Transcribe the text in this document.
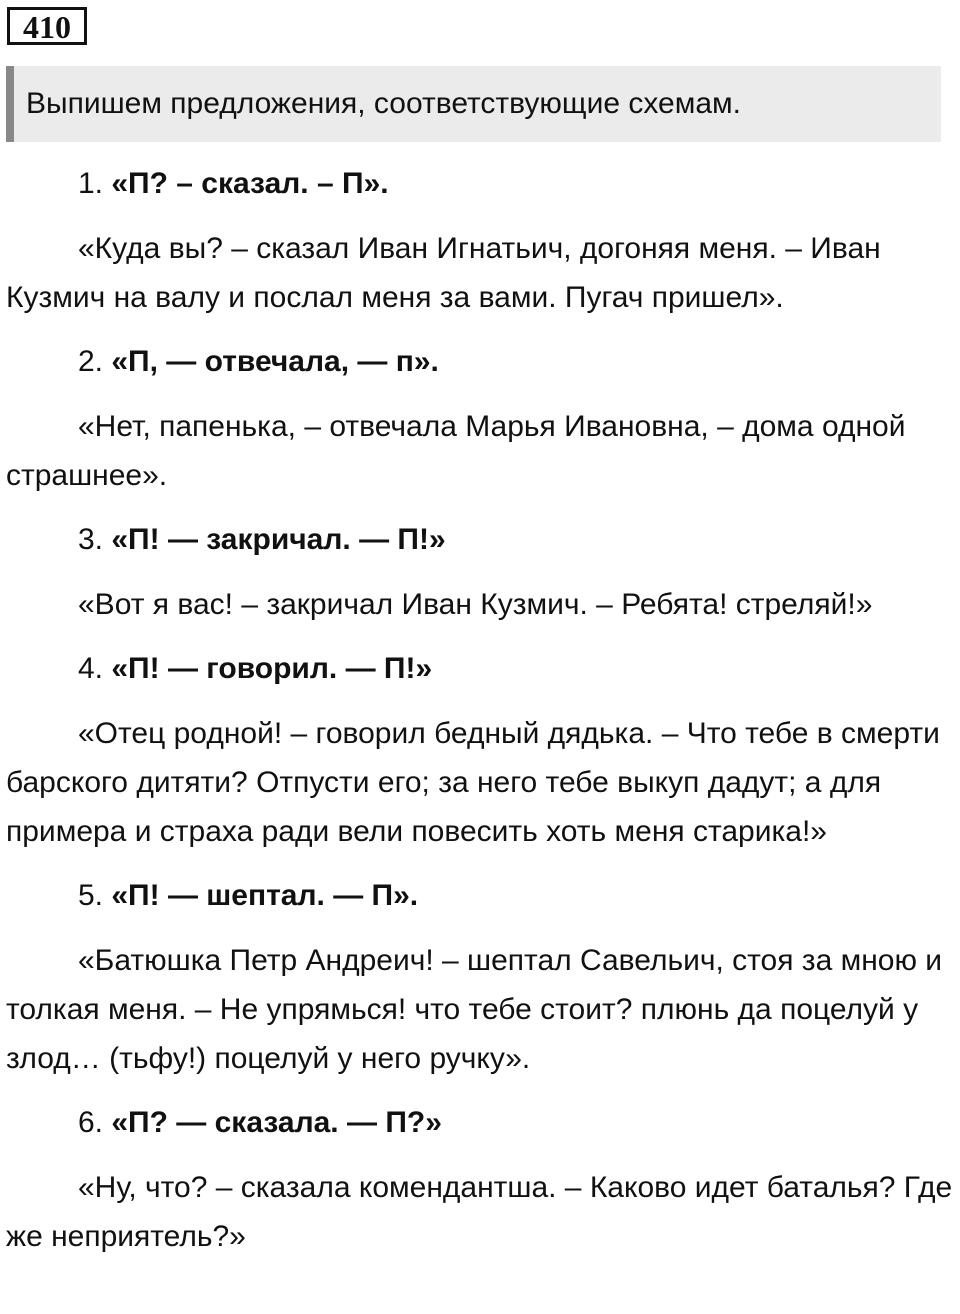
410
Выпишем предложения, соответствующие схемам.

1. «П? – сказал. – П».

«Куда вы? – сказал Иван Игнатьич, догоняя меня. – Иван Кузмич на валу и послал меня за вами. Пугач пришел».

2. «П, — отвечала, — п».

«Нет, папенька, – отвечала Марья Ивановна, – дома одной страшнее».

3. «П! — закричал. — П!»

«Вот я вас! – закричал Иван Кузмич. – Ребята! стреляй!»

4. «П! — говорил. — П!»

«Отец родной! – говорил бедный дядька. – Что тебе в смерти барского дитяти? Отпусти его; за него тебе выкуп дадут; а для примера и страха ради вели повесить хоть меня старика!»

5. «П! — шептал. — П».

«Батюшка Петр Андреич! – шептал Савельич, стоя за мною и толкая меня. – Не упрямься! что тебе стоит? плюнь да поцелуй у злод… (тьфу!) поцелуй у него ручку».

6. «П? — сказала. — П?»

«Ну, что? – сказала комендантша. – Каково идет баталья? Где же неприятель?»
